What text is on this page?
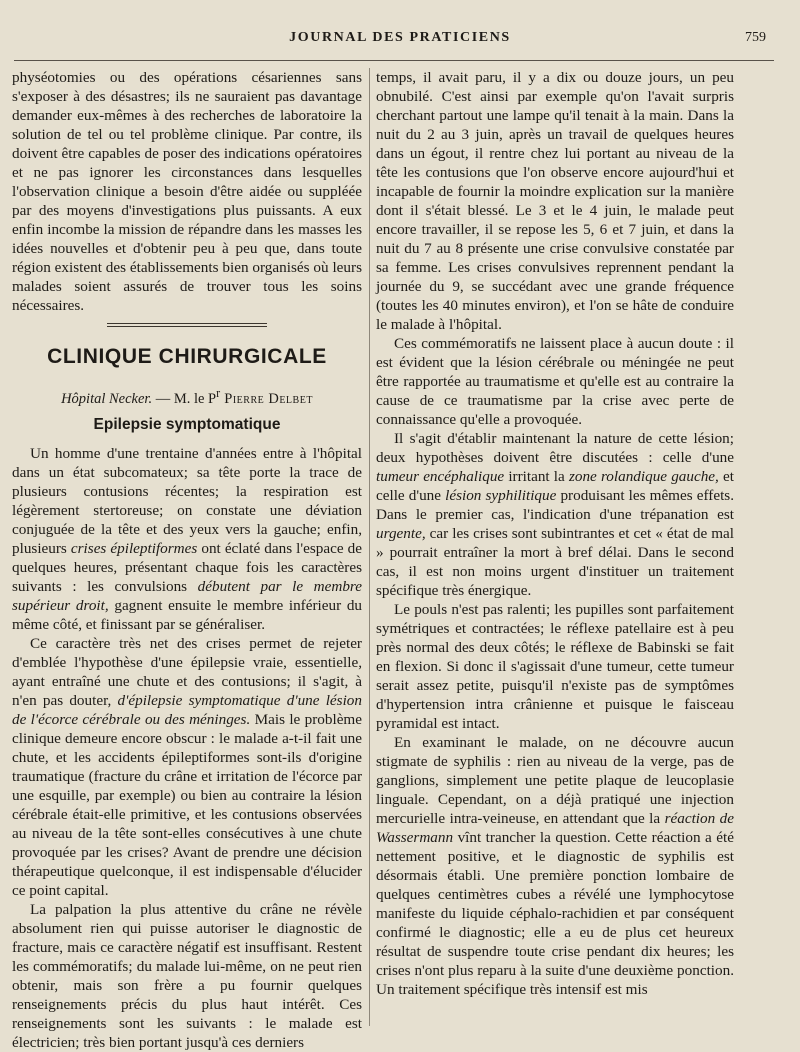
JOURNAL DES PRATICIENS	759

physéotomies ou des opérations césariennes sans s'exposer à des désastres; ils ne sauraient pas davantage demander eux-mêmes à des recherches de laboratoire la solution de tel ou tel problème clinique. Par contre, ils doivent être capables de poser des indications opératoires et ne pas ignorer les circonstances dans lesquelles l'observation clinique a besoin d'être aidée ou suppléée par des moyens d'investigations plus puissants. A eux enfin incombe la mission de répandre dans les masses les idées nouvelles et d'obtenir peu à peu que, dans toute région existent des établissements bien organisés où leurs malades soient assurés de trouver tous les soins nécessaires.

CLINIQUE CHIRURGICALE
Hôpital Necker. — M. le $P^r$ Pierre Delbet
Epilepsie symptomatique

Un homme d'une trentaine d'années entre à l'hôpital dans un état subcomateux; sa tête porte la trace de plusieurs contusions récentes; la respiration est légèrement stertoreuse; on constate une déviation conjuguée de la tête et des yeux vers la gauche; enfin, plusieurs crises épileptiformes ont éclaté dans l'espace de quelques heures, présentant chaque fois les caractères suivants : les convulsions débutent par le membre supérieur droit, gagnent ensuite le membre inférieur du même côté, et finissant par se généraliser.

Ce caractère très net des crises permet de rejeter d'emblée l'hypothèse d'une épilepsie vraie, essentielle, ayant entraîné une chute et des contusions; il s'agit, à n'en pas douter, d'épilepsie symptomatique d'une lésion de l'écorce cérébrale ou des méninges. Mais le problème clinique demeure encore obscur : le malade a-t-il fait une chute, et les accidents épileptiformes sont-ils d'origine traumatique (fracture du crâne et irritation de l'écorce par une esquille, par exemple) ou bien au contraire la lésion cérébrale était-elle primitive, et les contusions observées au niveau de la tête sont-elles consécutives à une chute provoquée par les crises? Avant de prendre une décision thérapeutique quelconque, il est indispensable d'élucider ce point capital.

La palpation la plus attentive du crâne ne révèle absolument rien qui puisse autoriser le diagnostic de fracture, mais ce caractère négatif est insuffisant. Restent les commémoratifs; du malade lui-même, on ne peut rien obtenir, mais son frère a pu fournir quelques renseignements précis du plus haut intérêt. Ces renseignements sont les suivants : le malade est électricien; très bien portant jusqu'à ces derniers

temps, il avait paru, il y a dix ou douze jours, un peu obnubilé. C'est ainsi par exemple qu'on l'avait surpris cherchant partout une lampe qu'il tenait à la main. Dans la nuit du 2 au 3 juin, après un travail de quelques heures dans un égout, il rentre chez lui portant au niveau de la tête les contusions que l'on observe encore aujourd'hui et incapable de fournir la moindre explication sur la manière dont il s'était blessé. Le 3 et le 4 juin, le malade peut encore travailler, il se repose les 5, 6 et 7 juin, et dans la nuit du 7 au 8 présente une crise convulsive constatée par sa femme. Les crises convulsives reprennent pendant la journée du 9, se succédant avec une grande fréquence (toutes les 40 minutes environ), et l'on se hâte de conduire le malade à l'hôpital.

Ces commémoratifs ne laissent place à aucun doute : il est évident que la lésion cérébrale ou méningée ne peut être rapportée au traumatisme et qu'elle est au contraire la cause de ce traumatisme par la crise avec perte de connaissance qu'elle a provoquée.

Il s'agit d'établir maintenant la nature de cette lésion; deux hypothèses doivent être discutées : celle d'une tumeur encéphalique irritant la zone rolandique gauche, et celle d'une lésion syphilitique produisant les mêmes effets. Dans le premier cas, l'indication d'une trépanation est urgente, car les crises sont subintrantes et cet « état de mal » pourrait entraîner la mort à bref délai. Dans le second cas, il est non moins urgent d'instituer un traitement spécifique très énergique.

Le pouls n'est pas ralenti; les pupilles sont parfaitement symétriques et contractées; le réflexe patellaire est à peu près normal des deux côtés; le réflexe de Babinski se fait en flexion. Si donc il s'agissait d'une tumeur, cette tumeur serait assez petite, puisqu'il n'existe pas de symptômes d'hypertension intra crânienne et puisque le faisceau pyramidal est intact.

En examinant le malade, on ne découvre aucun stigmate de syphilis : rien au niveau de la verge, pas de ganglions, simplement une petite plaque de leucoplasie linguale. Cependant, on a déjà pratiqué une injection mercurielle intra-veineuse, en attendant que la réaction de Wassermann vînt trancher la question. Cette réaction a été nettement positive, et le diagnostic de syphilis est désormais établi. Une première ponction lombaire de quelques centimètres cubes a révélé une lymphocytose manifeste du liquide céphalo-rachidien et par conséquent confirmé le diagnostic; elle a eu de plus cet heureux résultat de suspendre toute crise pendant dix heures; les crises n'ont plus reparu à la suite d'une deuxième ponction. Un traitement spécifique très intensif est mis
